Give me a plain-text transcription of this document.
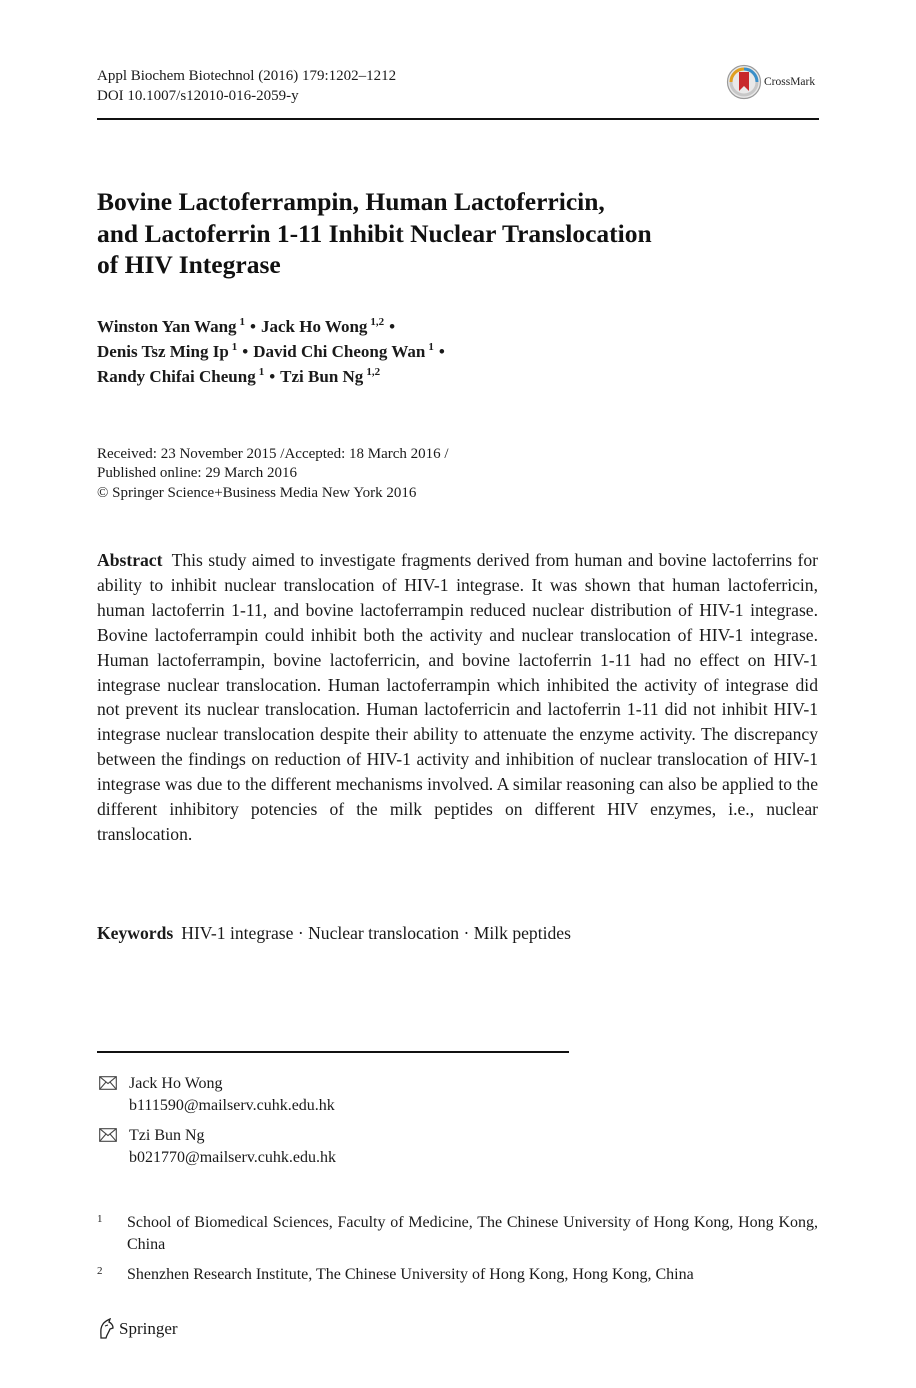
Appl Biochem Biotechnol (2016) 179:1202–1212
DOI 10.1007/s12010-016-2059-y
CrossMark
Bovine Lactoferrampin, Human Lactoferricin,
and Lactoferrin 1-11 Inhibit Nuclear Translocation
of HIV Integrase
Winston Yan Wang $^1$ • Jack Ho Wong $^{1,2}$ •
Denis Tsz Ming Ip $^1$ • David Chi Cheong Wan $^1$ •
Randy Chifai Cheung $^1$ • Tzi Bun Ng $^{1,2}$
Received: 23 November 2015 /Accepted: 18 March 2016 /
Published online: 29 March 2016
© Springer Science+Business Media New York 2016
Abstract This study aimed to investigate fragments derived from human and bovine lactoferrins for ability to inhibit nuclear translocation of HIV-1 integrase. It was shown that human lactoferricin, human lactoferrin 1-11, and bovine lactoferrampin reduced nuclear distribution of HIV-1 integrase. Bovine lactoferrampin could inhibit both the activity and nuclear translocation of HIV-1 integrase. Human lactoferrampin, bovine lactoferricin, and bovine lactoferrin 1-11 had no effect on HIV-1 integrase nuclear translocation. Human lactoferrampin which inhibited the activity of integrase did not prevent its nuclear translocation. Human lactoferricin and lactoferrin 1-11 did not inhibit HIV-1 integrase nuclear translocation despite their ability to attenuate the enzyme activity. The discrepancy between the findings on reduction of HIV-1 activity and inhibition of nuclear translocation of HIV-1 integrase was due to the different mechanisms involved. A similar reasoning can also be applied to the different inhibitory potencies of the milk peptides on different HIV enzymes, i.e., nuclear translocation.
Keywords HIV-1 integrase · Nuclear translocation · Milk peptides
Jack Ho Wong
b111590@mailserv.cuhk.edu.hk
Tzi Bun Ng
b021770@mailserv.cuhk.edu.hk
1	School of Biomedical Sciences, Faculty of Medicine, The Chinese University of Hong Kong, Hong Kong, China
2	Shenzhen Research Institute, The Chinese University of Hong Kong, Hong Kong, China
Springer
